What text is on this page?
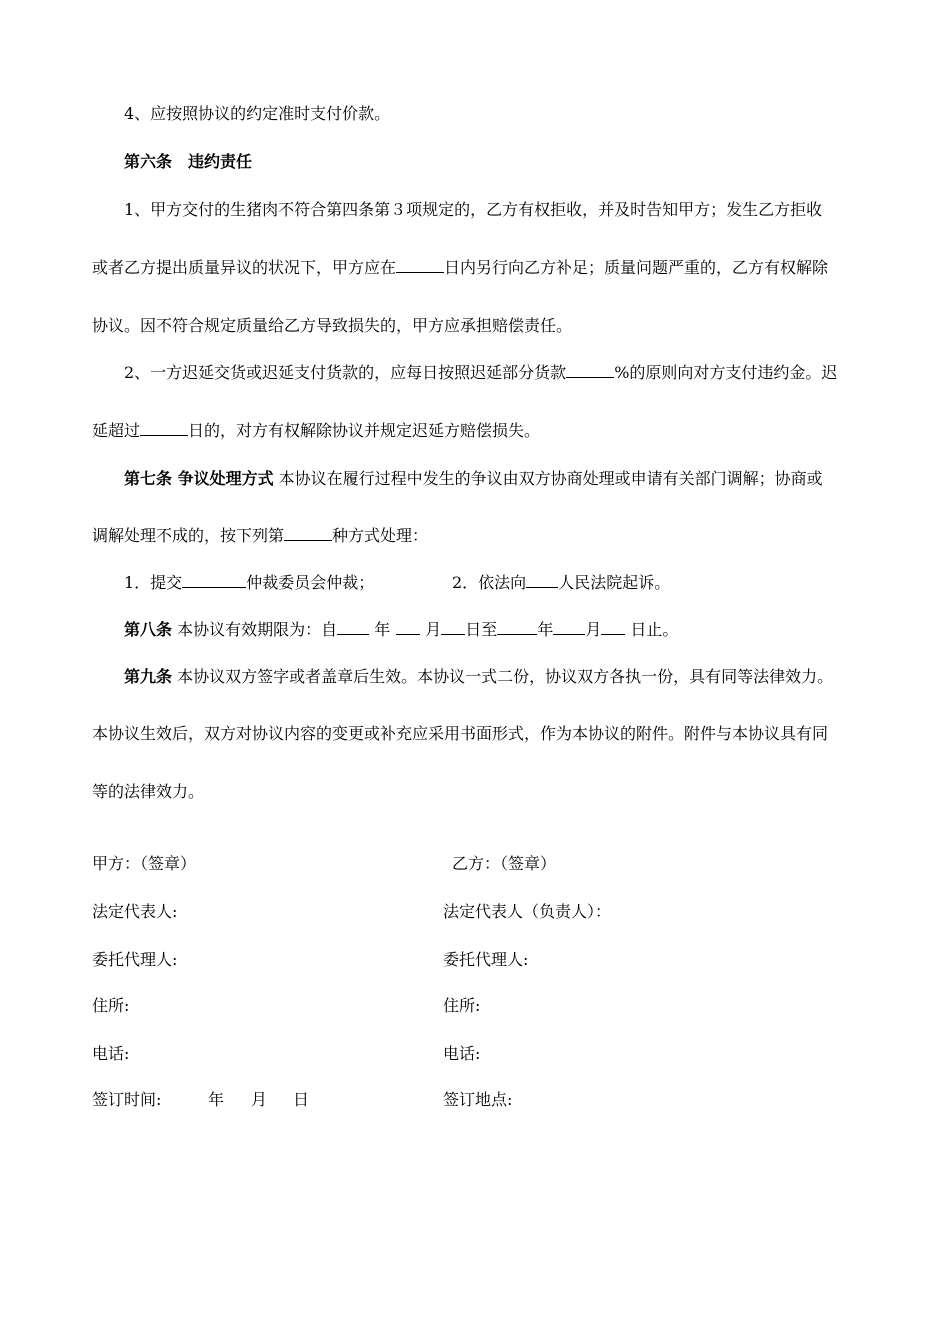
4、应按照协议的约定准时支付价款。
第六条　违约责任
1、甲方交付的生猪肉不符合第四条第３项规定的，乙方有权拒收，并及时告知甲方；发生乙方拒收
或者乙方提出质量异议的状况下，甲方应在	日内另行向乙方补足；质量问题严重的，乙方有权解除
协议。因不符合规定质量给乙方导致损失的，甲方应承担赔偿责任。
2、一方迟延交货或迟延支付货款的，应每日按照迟延部分货款	%的原则向对方支付违约金。迟
延超过	日的，对方有权解除协议并规定迟延方赔偿损失。
第七条 争议处理方式 本协议在履行过程中发生的争议由双方协商处理或申请有关部门调解；协商或
调解处理不成的，按下列第	种方式处理：
1．提交	仲裁委员会仲裁；	2．依法向 人民法院起诉。
第八条 本协议有效期限为：自 年 月 日至	年 月 日止。
第九条 本协议双方签字或者盖章后生效。本协议一式二份，协议双方各执一份，具有同等法律效力。
本协议生效后，双方对协议内容的变更或补充应采用书面形式，作为本协议的附件。附件与本协议具有同
等的法律效力。
甲方：（签章）	乙方：（签章）
法定代表人:	法定代表人（负责人）：
委托代理人:	委托代理人:
住所:	住所:
电话:	电话:
签订时间:	年 月 日	签订地点:
